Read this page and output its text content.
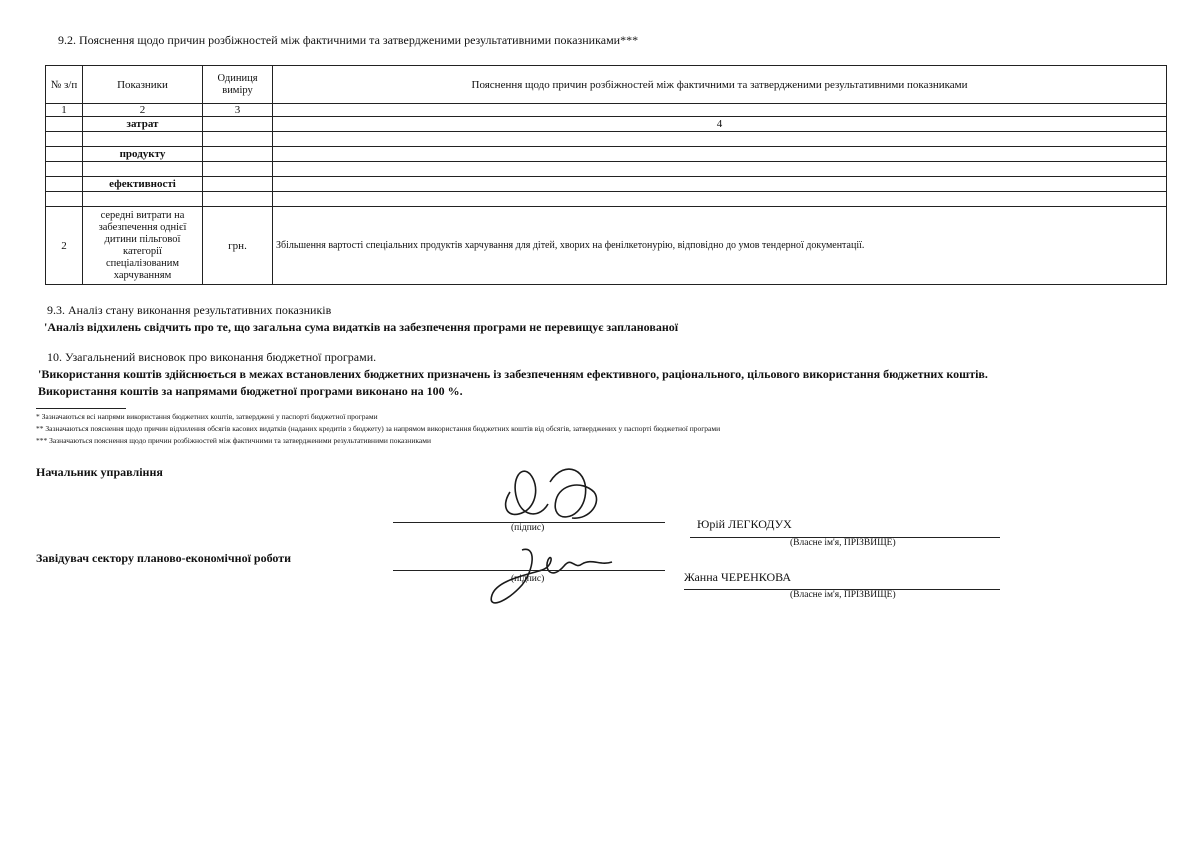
9.2. Пояснення щодо причин розбіжностей між фактичними та затвердженими результативними показниками***
№ з/п	Показники	Одиниця виміру	Пояснення щодо причин розбіжностей між фактичними та затвердженими результативними показниками
1	2	3	
	затрат		4

	продукту		

	ефективності		

2	середні витрати на забезпечення однієї дитини пільгової категорії спеціалізованим харчуванням	грн.	Збільшення вартості спеціальних продуктів харчування для дітей, хворих на фенілкетонурію, відповідно до умов тендерної документації.
9.3. Аналіз стану виконання результативних показників
'Аналіз відхилень свідчить про те, що загальна сума видатків на забезпечення програми не перевищує запланованої
10. Узагальнений висновок про виконання бюджетної програми.
'Використання коштів здійснюється в межах встановлених бюджетних призначень із забезпеченням ефективного, раціонального, цільового використання бюджетних коштів.
Використання коштів за напрямами бюджетної програми виконано на 100 %.
* Зазначаються всі напрями використання бюджетних коштів, затверджені у паспорті бюджетної програми
** Зазначаються пояснення щодо причин відхилення обсягів касових видатків (наданих кредитів з бюджету) за напрямом використання бюджетних коштів від обсягів, затверджених у паспорті бюджетної програми
*** Зазначаються пояснення щодо причин розбіжностей між фактичними та затвердженими результативними показниками
Начальник управління
(підпис)	Юрій ЛЕГКОДУХ
(Власне ім'я, ПРІЗВИЩЕ)
Завідувач сектору планово-економічної роботи
(підпис)	Жанна ЧЕРЕНКОВА
(Власне ім'я, ПРІЗВИЩЕ)
